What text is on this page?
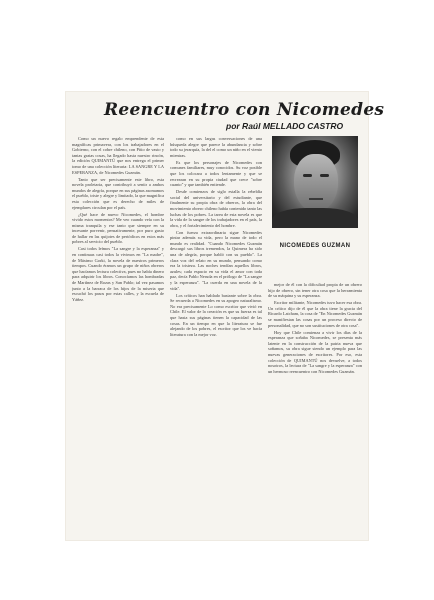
Reencuentro con Nicomedes
por Raúl MELLADO CASTRO

Como un nuevo regalo emprendente de esta magníficas primavera, con los trabajadores en el Gobierno, con el cobre chileno, con Pitio de vasto y tantas gratas cosas, ha llegado hasta nuestro rincón, la edición QUIMANTÚ que nos entrega el primer tomo de una colección literaria: LA SANGRE Y LA ESPERANZA, de Nicomedes Guzmán.

Tanto que ser precisamente este libro, esta novela proletaria, que contribuyó a sentir a ambos mundos de alegría, porque en sus páginas asomamos el pueblo, triste y alegre y limitado, la que magnifica esta colección que es derecho de miles de ejemplares circulan por el país.

¿Qué hace de nuevo Nicomedes, el hombre vivido estos momentos? Me veo cuando veía con la misma tranquila y ese tanto que siempre en su incesante porvenir, pensativamente, por puro gusto de hallar en las quijotes de periódicos en estos más pobres al servicio del pueblo.

Casi todos leímos "La sangre y la esperanza" y en continuas casi todos la vivimos en "La madre", de Máximo Gorki, la novela de nuestros primeros tiempos. Cuando éramos un grupo de niños obreros que hacíamos lectura colectiva, pues no había dinero para adquirir los libros. Conocíamos las hombradas de Martínez de Rozas y San Pablo; tal vez pasamos junto a la barraca de los hijos de la miseria que escuchó los pasos por estas calles, y la escuela de Yáñez.

como en sus largas conversaciones de una búsqueda alegre que parece la abundancia y sobre todo su jerarquía, la del el como un niño en el viento mientras.

Es que los personajes de Nicomedes con comunes familiares, muy conocidos. Su voz posible que los colocara a todos lentamente y que se recrearan en su propia ciudad que crece "sobre cuanto" y que también entiende.

Desde comienzos de siglo estalla la rebeldía social del universitario y del estudiante, que finalmente su propia obra de obreros, la obra del movimiento obrero chileno había contenido tanto las luchas de los pobres. La tarea de esta novela es que la vida de la sangre de los trabajadores en el país, la obra, y el fortalecimiento del hombre.

Con fuerza extraordinaria sigue Nicomedes pintar además su vida, pero la mano de todo el mundo es realidad. "Cuando Nicomedes Guzmán descargó sus libros tremendos, la Quimera ha sido una de alegría, porque habló con su pueblo". La clara voz del relato en su mundo, pensando como era la tristeza. Las noches tendían aquellos libros, azules; cada espacio en su vida el amor con toda paz, decía Pablo Neruda en el prólogo de "La sangre y la esperanza". "La cuerda en una novela de la vida".

Los críticos han hablado bastante sobre la obra. Se recuerda a Nicomedes en su apogeo naturalismo. No era precisamente Lo como escritor que vivió en Chile. El valor de la creación es que su fuerza es tal que hasta sus páginas tienen la capacidad de las cosas. En un tiempo en que la literatura se fue alejando de los pobres, el escritor que los ve hacía literatura con la mejor voz.

NICOMEDES GUZMAN

mejor de él con la dificultad propia de un obrero hijo de obrero, sin tener otra cosa que la herramienta de su máquina y su esperanza.

Escritor militante, Nicomedes tuvo hacer esa obra. Un crítico dijo de él que la obra tiene la gracia del Ricardo Latcham, la cosa de "En Nicomedes Guzmán se manifiestan las cosas por un proceso directo de personalidad, que no son sustituciones de otra cosa".

Hoy que Chile comienza a vivir los días de la esperanza que soñaba Nicomedes, se presenta más latente en la construcción de la patria nueva que soñamos, su obra sigue siendo un ejemplo para las nuevas generaciones de escritores. Por eso, esta colección de QUIMANTÚ nos devuelve, a todos nosotros, la lectura de "La sangre y la esperanza" con un hermoso reencuentro con Nicomedes Guzmán.
